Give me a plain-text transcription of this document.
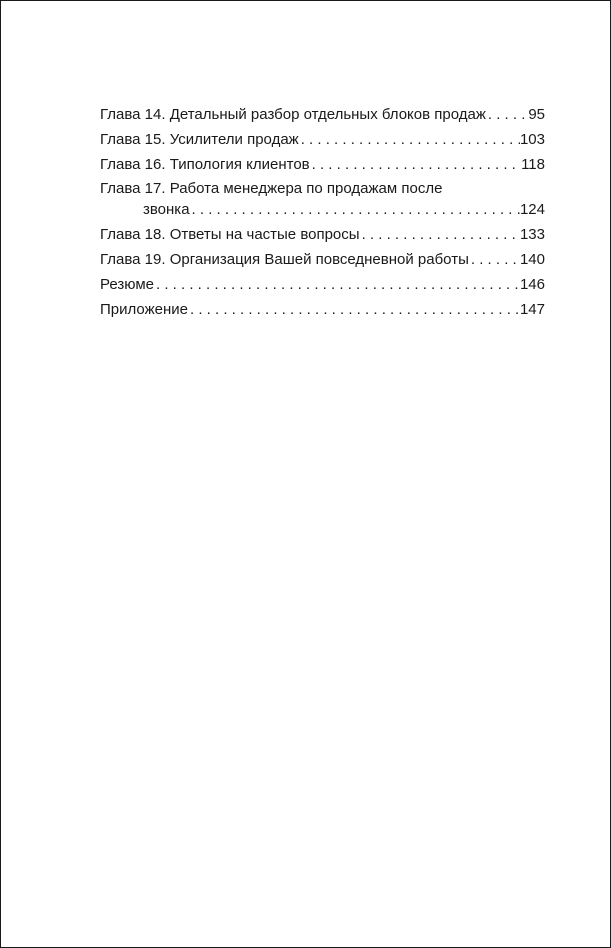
Глава 14. Детальный разбор отдельных блоков продаж . . .	95
Глава 15. Усилители продаж . . .	103
Глава 16. Типология клиентов . . .	118
Глава 17. Работа менеджера по продажам после
звонка . . .	124
Глава 18. Ответы на частые вопросы . . .	133
Глава 19. Организация Вашей повседневной работы . . .	140
Резюме . . .	146
Приложение . . .	147
